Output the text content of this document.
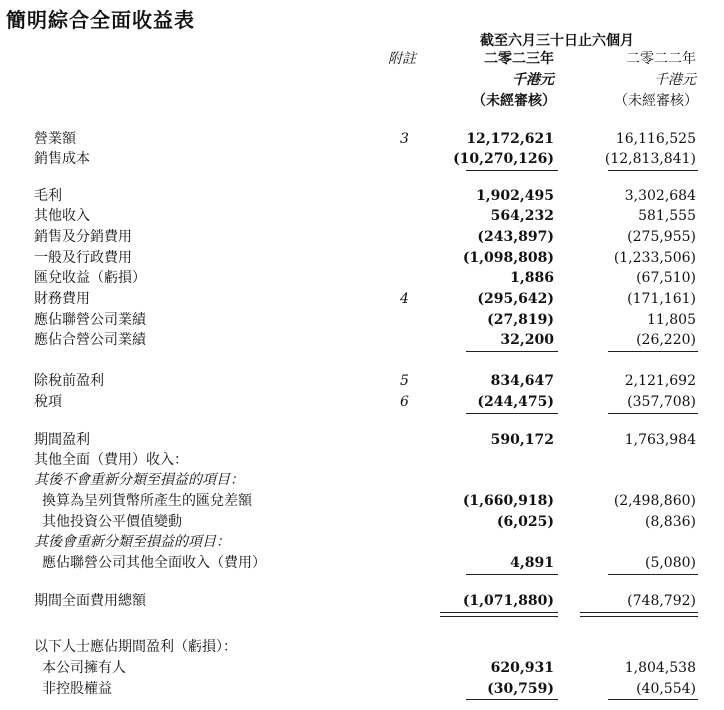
簡明綜合全面收益表
截至六月三十日止六個月
附註	二零二三年	二零二二年
千港元	千港元
（未經審核）	（未經審核）
營業額	3	12,172,621	16,116,525
銷售成本	(10,270,126)	(12,813,841)
毛利	1,902,495	3,302,684
其他收入	564,232	581,555
銷售及分銷費用	(243,897)	(275,955)
一般及行政費用	(1,098,808)	(1,233,506)
匯兌收益（虧損）	1,886	(67,510)
財務費用	4	(295,642)	(171,161)
應佔聯營公司業績	(27,819)	11,805
應佔合營公司業績	32,200	(26,220)
除稅前盈利	5	834,647	2,121,692
稅項	6	(244,475)	(357,708)
期間盈利	590,172	1,763,984
其他全面（費用）收入：
其後不會重新分類至損益的項目：
換算為呈列貨幣所產生的匯兌差額	(1,660,918)	(2,498,860)
其他投資公平價值變動	(6,025)	(8,836)
其後會重新分類至損益的項目：
應佔聯營公司其他全面收入（費用）	4,891	(5,080)
期間全面費用總額	(1,071,880)	(748,792)
以下人士應佔期間盈利（虧損）：
本公司擁有人	620,931	1,804,538
非控股權益	(30,759)	(40,554)
